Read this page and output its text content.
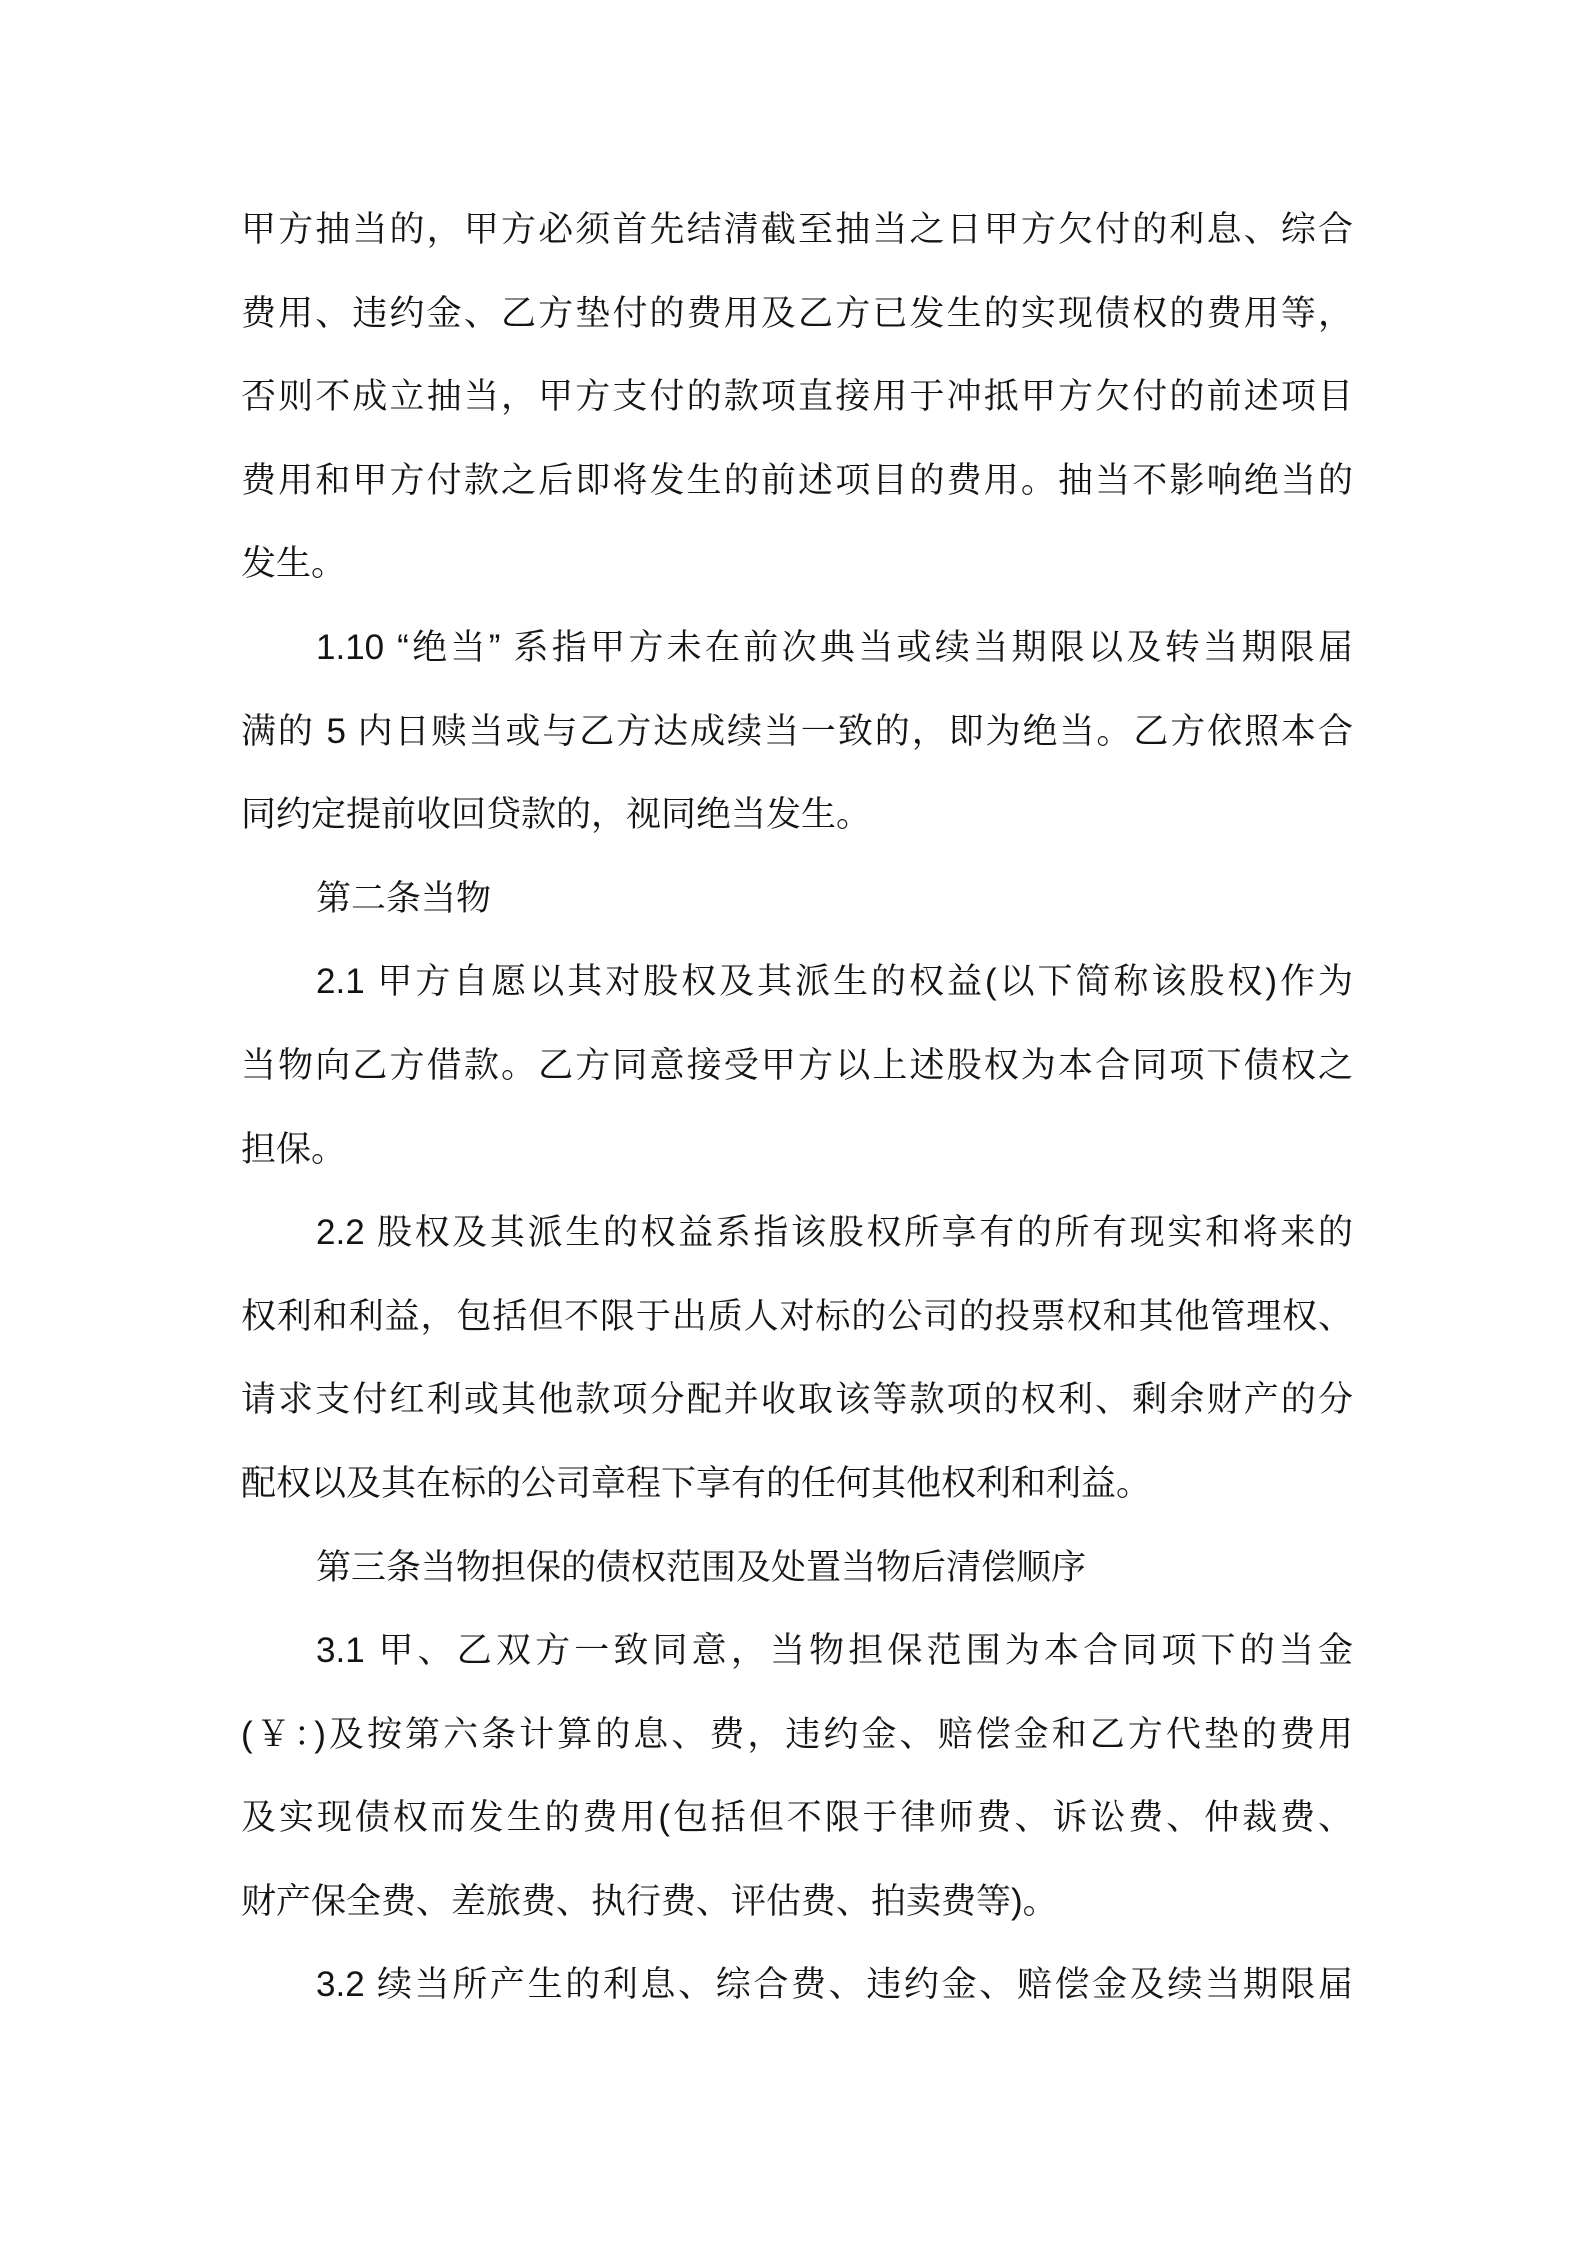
甲方抽当的，甲方必须首先结清截至抽当之日甲方欠付的利息、综合
费用、违约金、乙方垫付的费用及乙方已发生的实现债权的费用等，
否则不成立抽当，甲方支付的款项直接用于冲抵甲方欠付的前述项目
费用和甲方付款之后即将发生的前述项目的费用。抽当不影响绝当的
发生。
1.10 “绝当” 系指甲方未在前次典当或续当期限以及转当期限届
满的 5 内日赎当或与乙方达成续当一致的，即为绝当。乙方依照本合
同约定提前收回贷款的，视同绝当发生。
第二条当物
2.1 甲方自愿以其对股权及其派生的权益(以下简称该股权)作为
当物向乙方借款。乙方同意接受甲方以上述股权为本合同项下债权之
担保。
2.2 股权及其派生的权益系指该股权所享有的所有现实和将来的
权利和利益，包括但不限于出质人对标的公司的投票权和其他管理权、
请求支付红利或其他款项分配并收取该等款项的权利、剩余财产的分
配权以及其在标的公司章程下享有的任何其他权利和利益。
第三条当物担保的债权范围及处置当物后清偿顺序
3.1 甲、乙双方一致同意，当物担保范围为本合同项下的当金
(￥：)及按第六条计算的息、费，违约金、赔偿金和乙方代垫的费用
及实现债权而发生的费用(包括但不限于律师费、诉讼费、仲裁费、
财产保全费、差旅费、执行费、评估费、拍卖费等)。
3.2 续当所产生的利息、综合费、违约金、赔偿金及续当期限届
